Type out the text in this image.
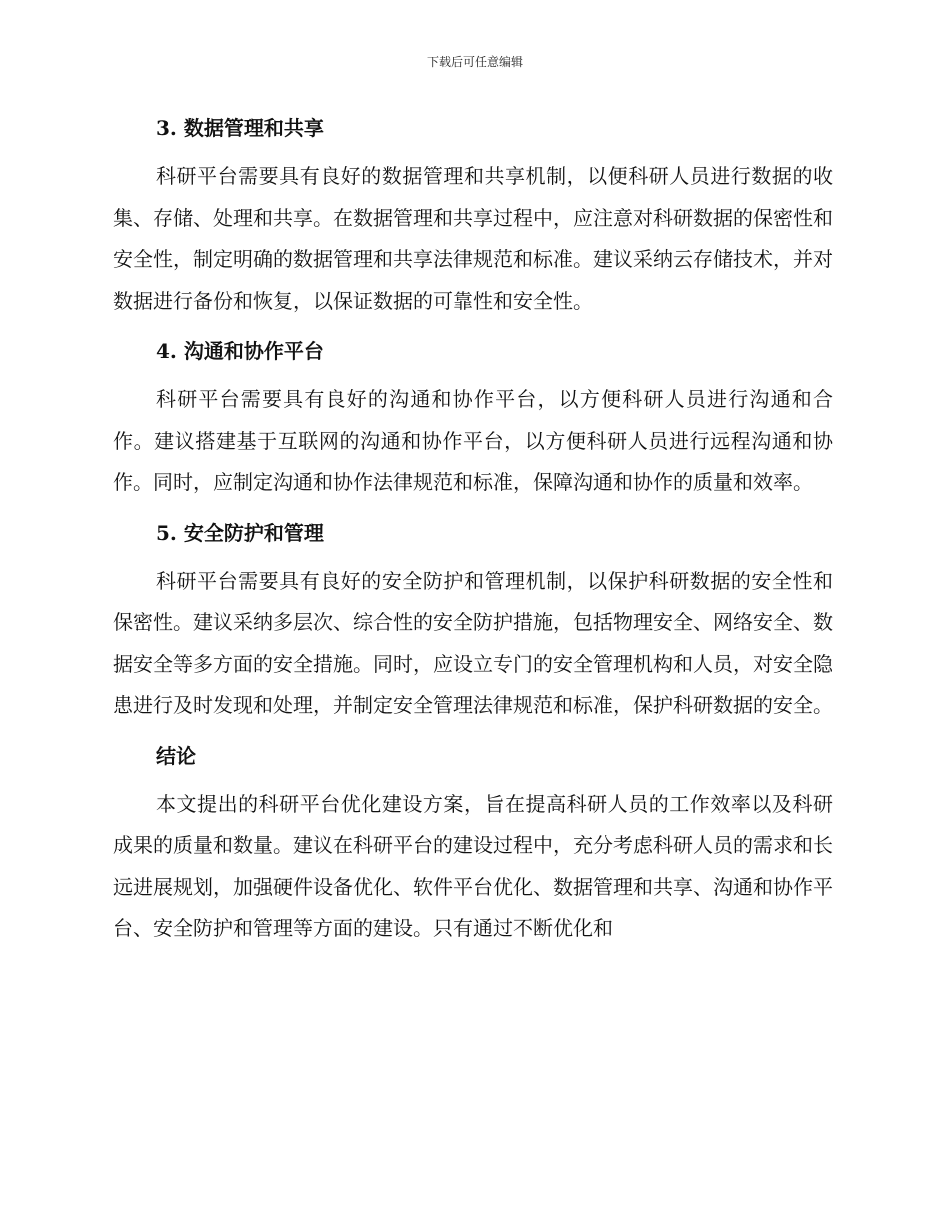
下载后可任意编辑
3. 数据管理和共享

科研平台需要具有良好的数据管理和共享机制，以便科研人员进行数据的收集、存储、处理和共享。在数据管理和共享过程中，应注意对科研数据的保密性和安全性，制定明确的数据管理和共享法律规范和标准。建议采纳云存储技术，并对数据进行备份和恢复，以保证数据的可靠性和安全性。

4. 沟通和协作平台

科研平台需要具有良好的沟通和协作平台，以方便科研人员进行沟通和合作。建议搭建基于互联网的沟通和协作平台，以方便科研人员进行远程沟通和协作。同时，应制定沟通和协作法律规范和标准，保障沟通和协作的质量和效率。

5. 安全防护和管理

科研平台需要具有良好的安全防护和管理机制，以保护科研数据的安全性和保密性。建议采纳多层次、综合性的安全防护措施，包括物理安全、网络安全、数据安全等多方面的安全措施。同时，应设立专门的安全管理机构和人员，对安全隐患进行及时发现和处理，并制定安全管理法律规范和标准，保护科研数据的安全。

结论

本文提出的科研平台优化建设方案，旨在提高科研人员的工作效率以及科研成果的质量和数量。建议在科研平台的建设过程中，充分考虑科研人员的需求和长远进展规划，加强硬件设备优化、软件平台优化、数据管理和共享、沟通和协作平台、安全防护和管理等方面的建设。只有通过不断优化和
